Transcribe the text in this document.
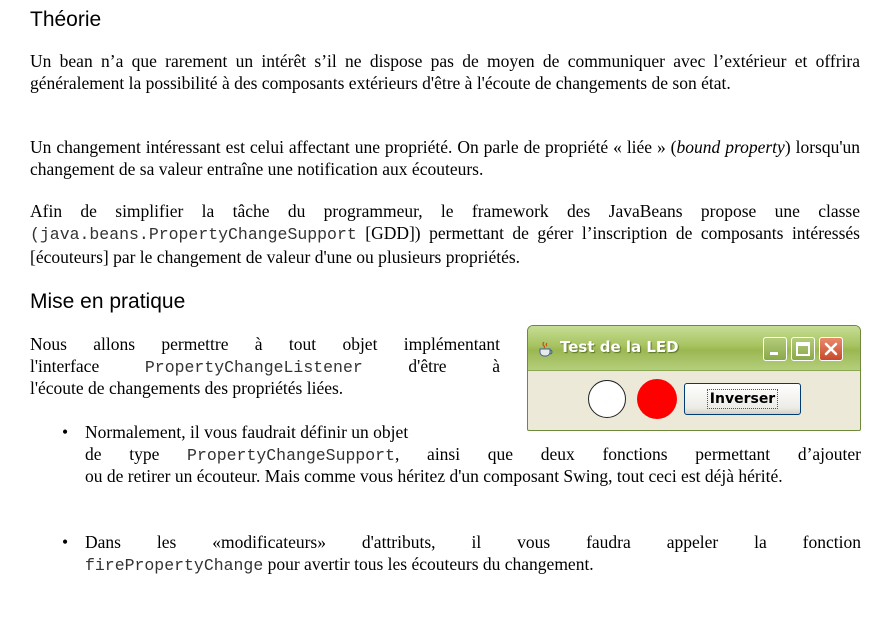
Théorie

Un bean n’a que rarement un intérêt s’il ne dispose pas de moyen de communiquer avec l’extérieur et offrira généralement la possibilité à des composants extérieurs d'être à l'écoute de changements de son état.

Un changement intéressant est celui affectant une propriété. On parle de propriété « liée » (bound property) lorsqu'un changement de sa valeur entraîne une notification aux écouteurs.

Afin de simplifier la tâche du programmeur, le framework des JavaBeans propose une classe (java.beans.PropertyChangeSupport [GDD]) permettant de gérer l’inscription de composants intéressés [écouteurs] par le changement de valeur d'une ou plusieurs propriétés.

Mise en pratique

Nous allons permettre à tout objet implémentant

l'interface PropertyChangeListener d'être à

l'écoute de changements des propriétés liées.

• Normalement, il vous faudrait définir un objet

de type PropertyChangeSupport, ainsi que deux fonctions permettant d’ajouter

ou de retirer un écouteur. Mais comme vous héritez d'un composant Swing, tout ceci est déjà hérité.

• Dans les «modificateurs» d'attributs, il vous faudra appeler la fonction

firePropertyChange pour avertir tous les écouteurs du changement.

Test de la LED
Inverser
